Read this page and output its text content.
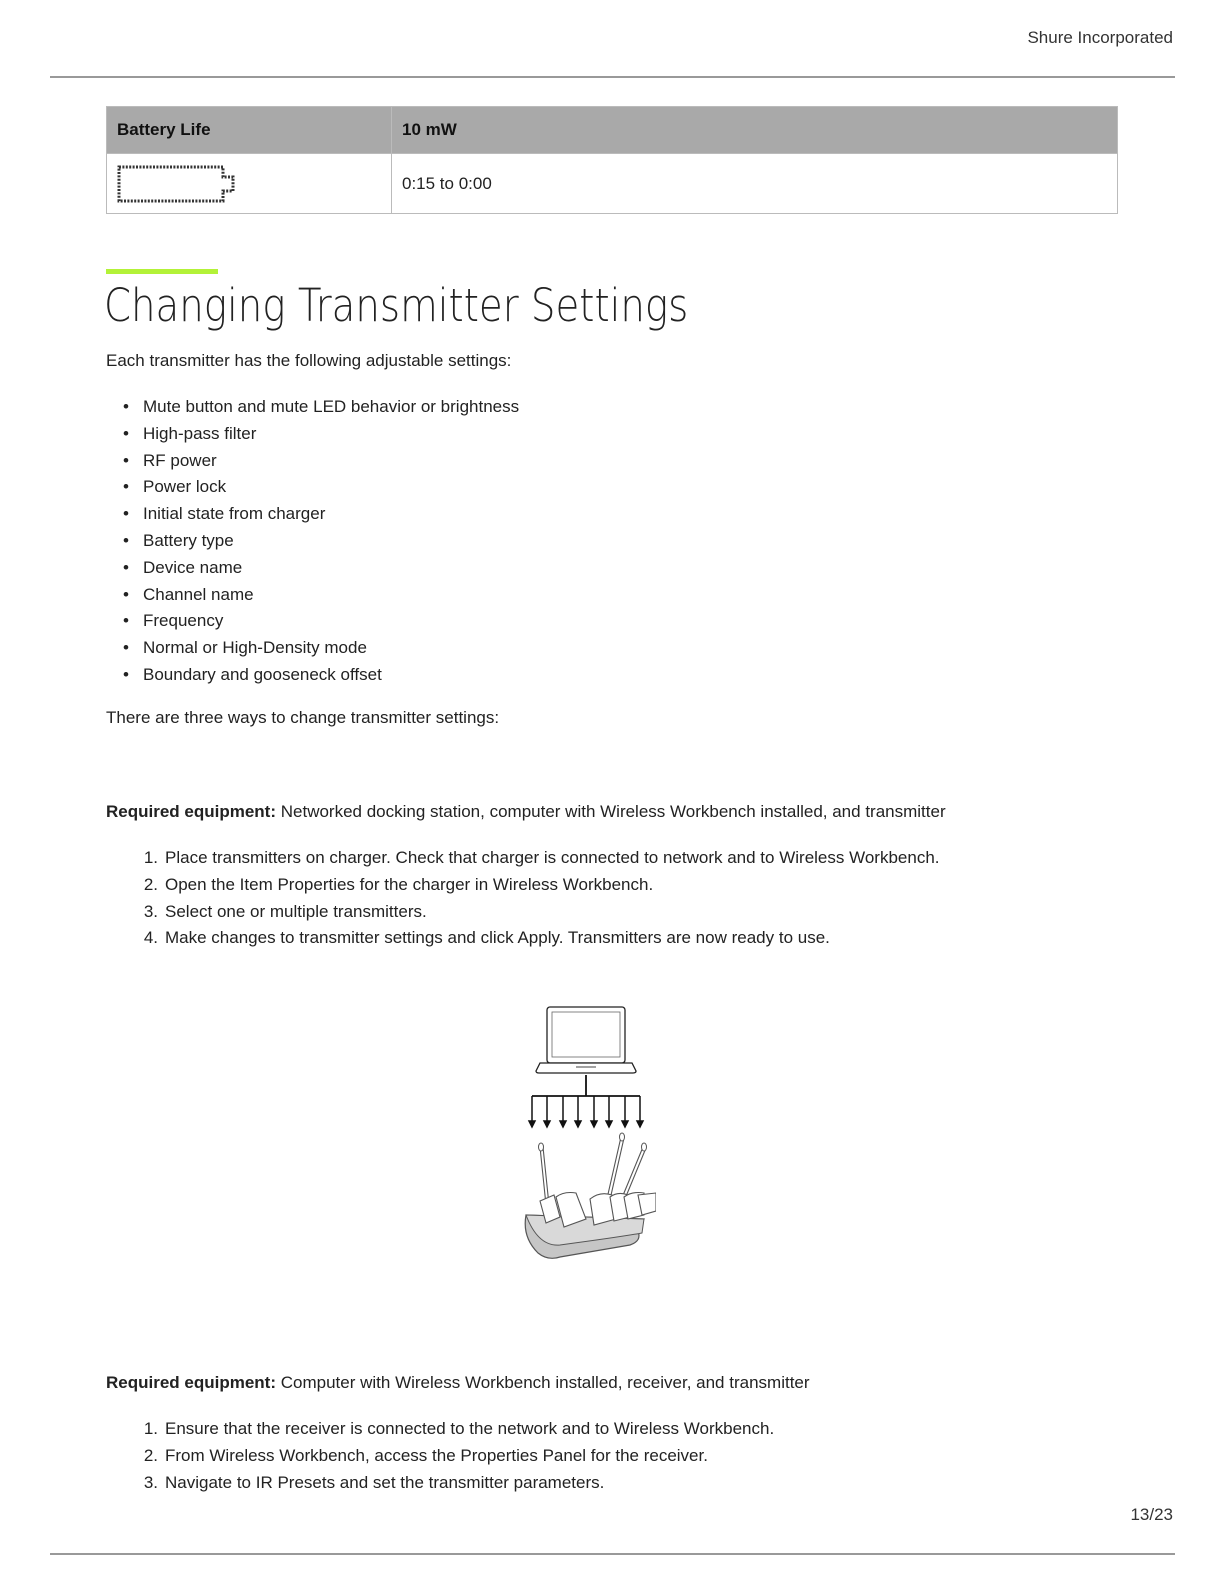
Shure Incorporated
Battery Life	10 mW

	0:15 to 0:00
Changing Transmitter Settings
Each transmitter has the following adjustable settings:
• Mute button and mute LED behavior or brightness
• High-pass filter
• RF power
• Power lock
• Initial state from charger
• Battery type
• Device name
• Channel name
• Frequency
• Normal or High-Density mode
• Boundary and gooseneck offset
There are three ways to change transmitter settings:
Required equipment: Networked docking station, computer with Wireless Workbench installed, and transmitter
1. Place transmitters on charger. Check that charger is connected to network and to Wireless Workbench.
2. Open the Item Properties for the charger in Wireless Workbench.
3. Select one or multiple transmitters.
4. Make changes to transmitter settings and click Apply. Transmitters are now ready to use.
Required equipment: Computer with Wireless Workbench installed, receiver, and transmitter
1. Ensure that the receiver is connected to the network and to Wireless Workbench.
2. From Wireless Workbench, access the Properties Panel for the receiver.
3. Navigate to IR Presets and set the transmitter parameters.
13/23
